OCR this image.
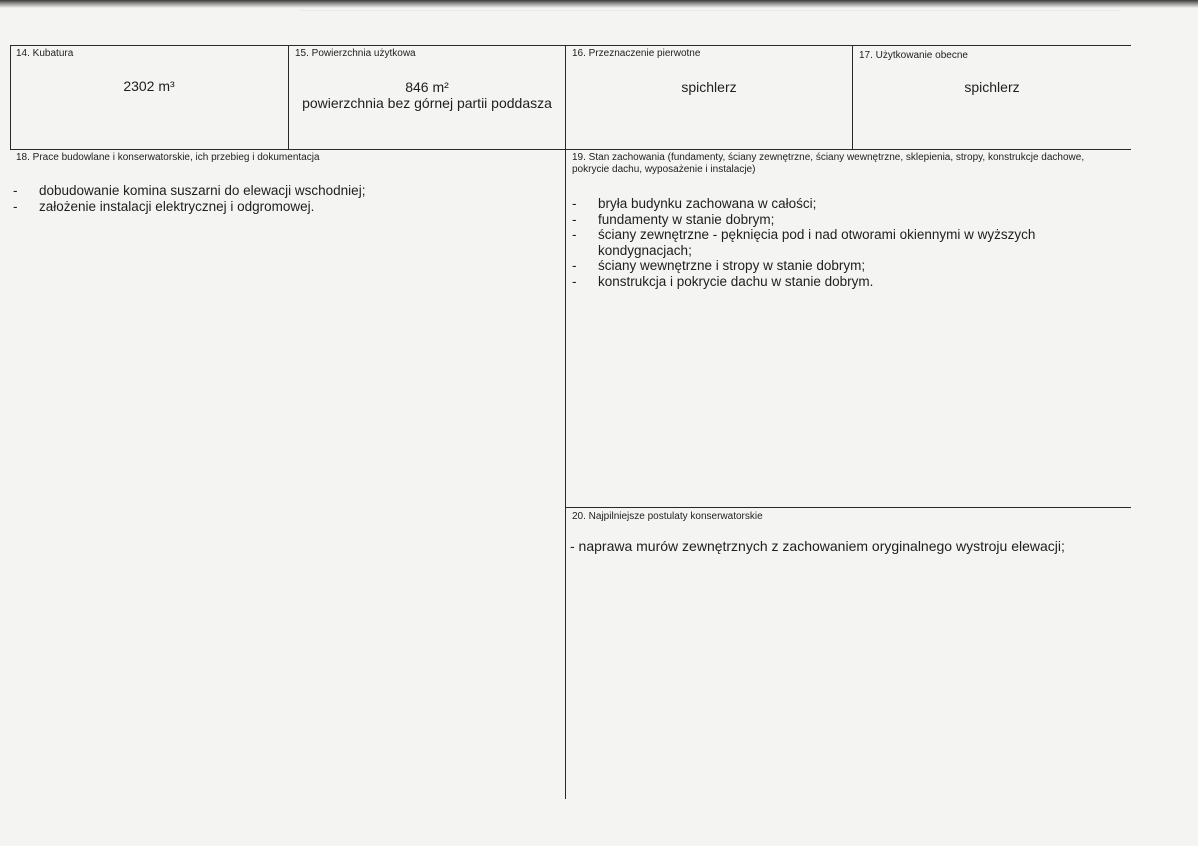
14. Kubatura
2302 m³
15. Powierzchnia użytkowa
846 m²
powierzchnia bez górnej partii poddasza
16. Przeznaczenie pierwotne
spichlerz
17. Użytkowanie obecne
spichlerz
18. Prace budowlane i konserwatorskie, ich przebieg i dokumentacja
- dobudowanie komina suszarni do elewacji wschodniej;
- założenie instalacji elektrycznej i odgromowej.
19. Stan zachowania (fundamenty, ściany zewnętrzne, ściany wewnętrzne, sklepienia, stropy, konstrukcje dachowe, pokrycie dachu, wyposażenie i instalacje)
- bryła budynku zachowana w całości;
- fundamenty w stanie dobrym;
- ściany zewnętrzne - pęknięcia pod i nad otworami okiennymi w wyższych kondygnacjach;
- ściany wewnętrzne i stropy w stanie dobrym;
- konstrukcja i pokrycie dachu w stanie dobrym.
20. Najpilniejsze postulaty konserwatorskie
- naprawa murów zewnętrznych z zachowaniem oryginalnego wystroju elewacji;
